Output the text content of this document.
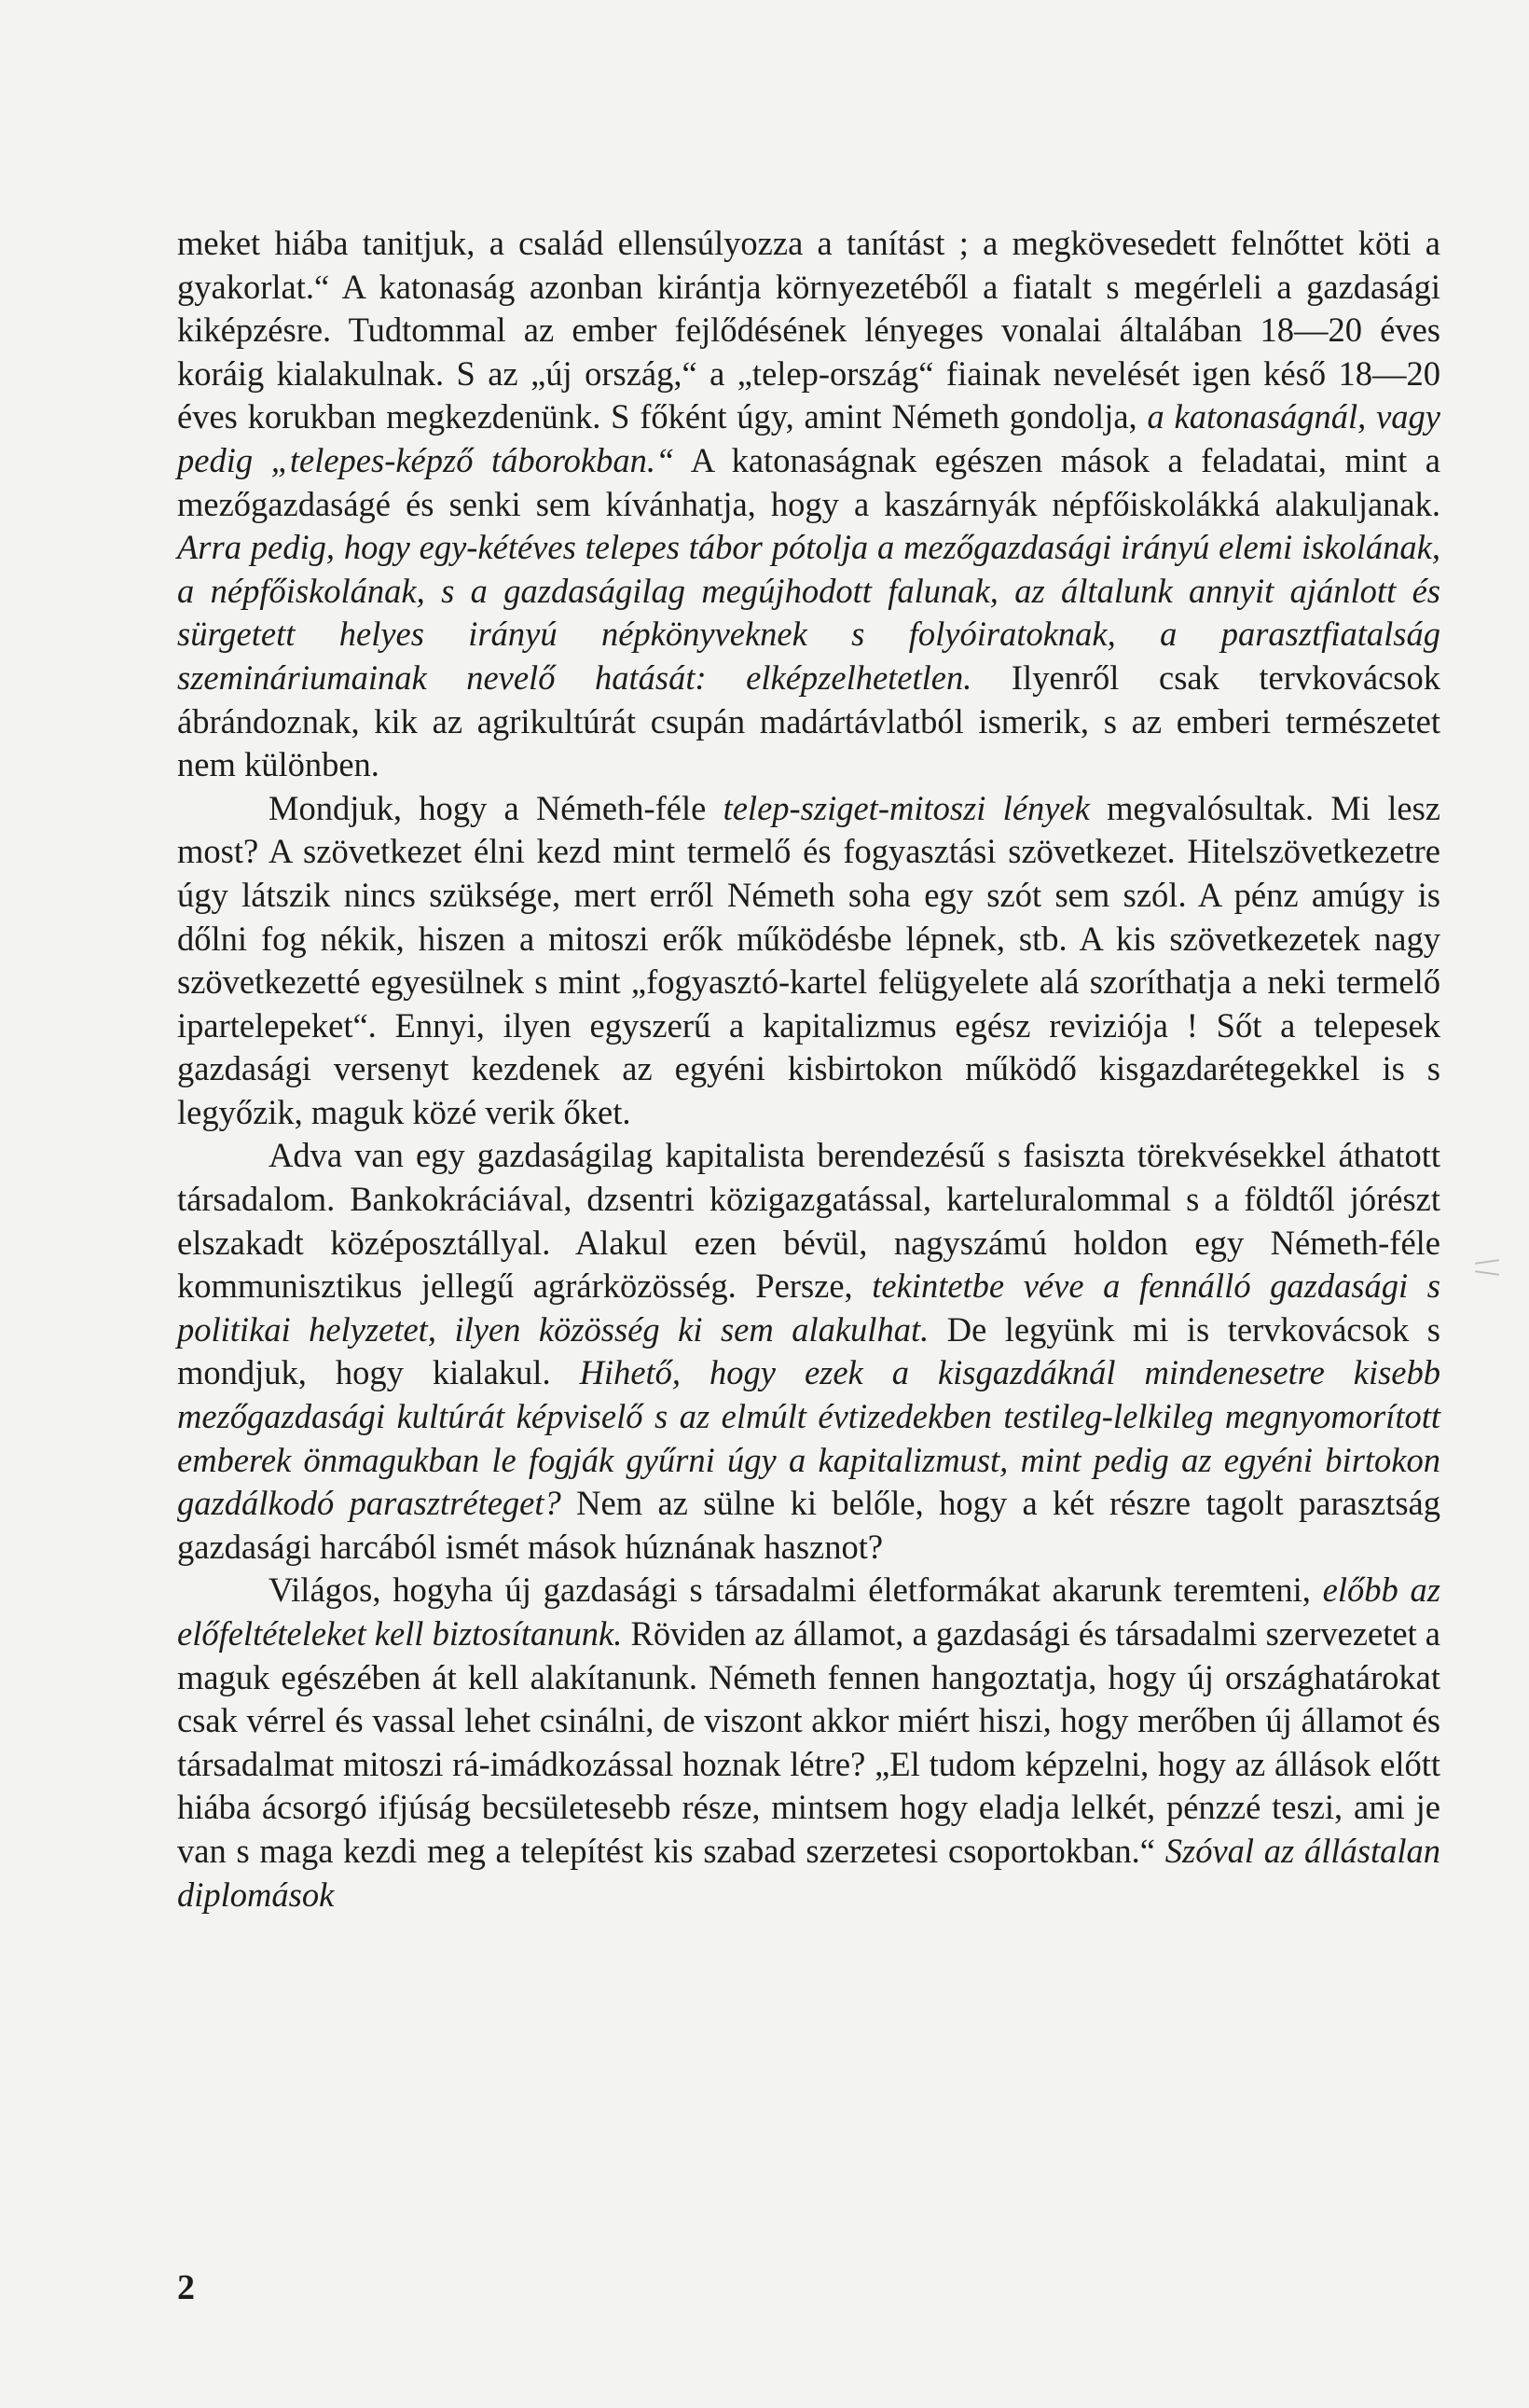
meket hiába tanitjuk, a család ellensúlyozza a tanítást ; a megkövesedett felnőttet köti a gyakorlat.“ A katonaság azonban kirántja környezetéből a fiatalt s megérleli a gazdasági kiképzésre. Tudtommal az ember fejlődésének lényeges vonalai általában 18—20 éves koráig kialakulnak. S az „új ország,“ a „telep-ország“ fiainak nevelését igen késő 18—20 éves korukban megkezdenünk. S főként úgy, amint Németh gondolja, a katonaságnál, vagy pedig „telepes-képző táborokban.“ A katonaságnak egészen mások a feladatai, mint a mezőgazdaságé és senki sem kívánhatja, hogy a kaszárnyák népfőiskolákká alakuljanak. Arra pedig, hogy egy-kétéves telepes tábor pótolja a mezőgazdasági irányú elemi iskolának, a népfőiskolának, s a gazdaságilag megújhodott falunak, az általunk annyit ajánlott és sürgetett helyes irányú népkönyveknek s folyóiratoknak, a parasztfiatalság szemináriumainak nevelő hatását: elképzelhetetlen. Ilyenről csak tervkovácsok ábrándoznak, kik az agrikultúrát csupán madártávlatból ismerik, s az emberi természetet nem különben.

Mondjuk, hogy a Németh-féle telep-sziget-mitoszi lények megvalósultak. Mi lesz most? A szövetkezet élni kezd mint termelő és fogyasztási szövetkezet. Hitelszövetkezetre úgy látszik nincs szüksége, mert erről Németh soha egy szót sem szól. A pénz amúgy is dőlni fog nékik, hiszen a mitoszi erők működésbe lépnek, stb. A kis szövetkezetek nagy szövetkezetté egyesülnek s mint „fogyasztó-kartel felügyelete alá szoríthatja a neki termelő ipartelepeket“. Ennyi, ilyen egyszerű a kapitalizmus egész reviziója ! Sőt a telepesek gazdasági versenyt kezdenek az egyéni kisbirtokon működő kisgazdarétegekkel is s legyőzik, maguk közé verik őket.

Adva van egy gazdaságilag kapitalista berendezésű s fasiszta törekvésekkel áthatott társadalom. Bankokráciával, dzsentri közigazgatással, karteluralommal s a földtől jórészt elszakadt középosztállyal. Alakul ezen bévül, nagyszámú holdon egy Németh-féle kommunisztikus jellegű agrárközösség. Persze, tekintetbe véve a fennálló gazdasági s politikai helyzetet, ilyen közösség ki sem alakulhat. De legyünk mi is tervkovácsok s mondjuk, hogy kialakul. Hihető, hogy ezek a kisgazdáknál mindenesetre kisebb mezőgazdasági kultúrát képviselő s az elmúlt évtizedekben testileg-lelkileg megnyomorított emberek önmagukban le fogják gyűrni úgy a kapitalizmust, mint pedig az egyéni birtokon gazdálkodó parasztréteget? Nem az sülne ki belőle, hogy a két részre tagolt parasztság gazdasági harcából ismét mások húznának hasznot?

Világos, hogyha új gazdasági s társadalmi életformákat akarunk teremteni, előbb az előfeltételeket kell biztosítanunk. Röviden az államot, a gazdasági és társadalmi szervezetet a maguk egészében át kell alakítanunk. Németh fennen hangoztatja, hogy új országhatárokat csak vérrel és vassal lehet csinálni, de viszont akkor miért hiszi, hogy merőben új államot és társadalmat mitoszi rá-imádkozással hoznak létre? „El tudom képzelni, hogy az állások előtt hiába ácsorgó ifjúság becsületesebb része, mintsem hogy eladja lelkét, pénzzé teszi, ami je van s maga kezdi meg a telepítést kis szabad szerzetesi csoportokban.“ Szóval az állástalan diplomások

2
